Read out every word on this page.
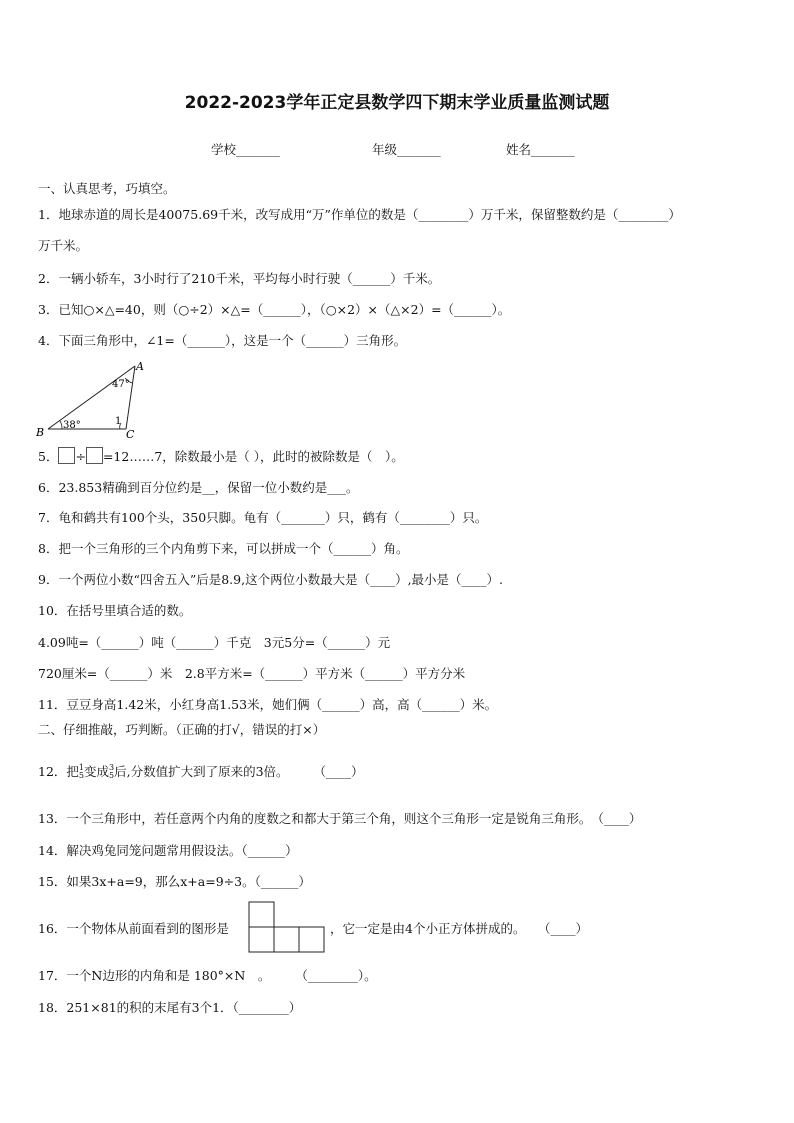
2022-2023学年正定县数学四下期末学业质量监测试题
学校_______	年级_______	姓名_______
一、认真思考，巧填空。
1．地球赤道的周长是40075.69千米，改写成用“万”作单位的数是（________）万千米，保留整数约是（________）
万千米。
2．一辆小轿车，3小时行了210千米，平均每小时行驶（______）千米。
3．已知○×△=40，则（○÷2）×△=（______），（○×2）×（△×2）=（______）。
4．下面三角形中，∠1=（______），这是一个（______）三角形。
A
B	C
47°
38°	1
5． ÷ =12……7，除数最小是（ ），此时的被除数是（　）。
6．23.853精确到百分位约是__，保留一位小数约是___。
7．龟和鹤共有100个头，350只脚。龟有（_______）只，鹤有（________）只。
8．把一个三角形的三个内角剪下来，可以拼成一个（______）角。
9．一个两位小数“四舍五入”后是8.9,这个两位小数最大是（____）,最小是（____）.
10．在括号里填合适的数。
4.09吨=（______）吨（______）千克　3元5分=（______）元
720厘米=（______）米　2.8平方米=（______）平方米（______）平方分米
11．豆豆身高1.42米，小红身高1.53米，她们俩（______）高，高（______）米。
二、仔细推敲，巧判断。（正确的打√，错误的打×）
12．把 1
5 变成 3
5 后,分数值扩大到了原来的3倍。　　　（____）
13．一个三角形中，若任意两个内角的度数之和都大于第三个角，则这个三角形一定是锐角三角形。　（____）
14．解决鸡兔同笼问题常用假设法。（______）
15．如果3x+a=9，那么x+a=9÷3。（______）
16．一个物体从前面看到的图形是	，它一定是由4个小正方体拼成的。　　（____）
17．一个N边形的内角和是 180°×N　。　　　（________）。
18．251×81的积的末尾有3个1．（________）
